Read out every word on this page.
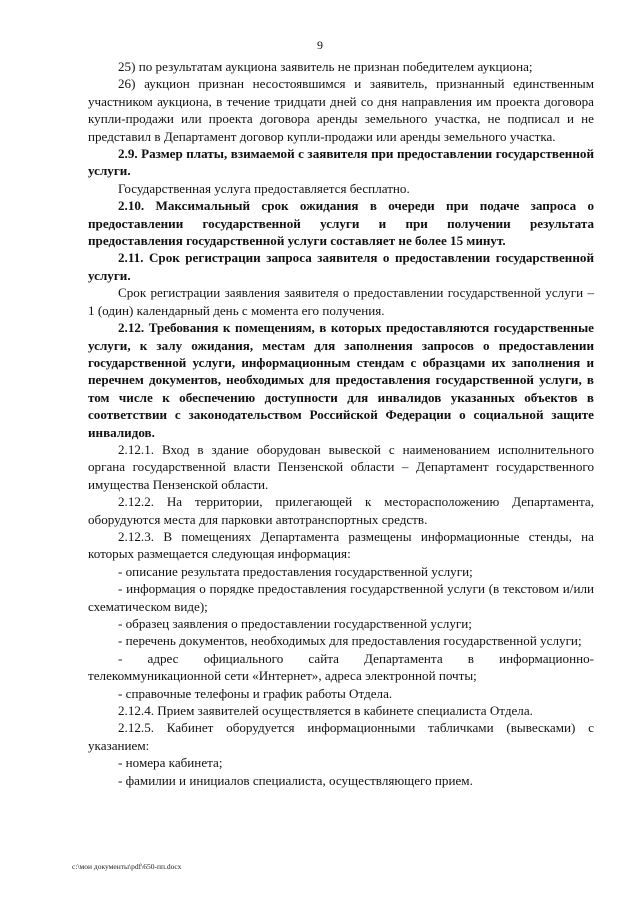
9

25) по результатам аукциона заявитель не признан победителем аукциона;

26) аукцион признан несостоявшимся и заявитель, признанный единственным участником аукциона, в течение тридцати дней со дня направления им проекта договора купли-продажи или проекта договора аренды земельного участка, не подписал и не представил в Департамент договор купли-продажи или аренды земельного участка.

2.9. Размер платы, взимаемой с заявителя при предоставлении государственной услуги.

Государственная услуга предоставляется бесплатно.

2.10. Максимальный срок ожидания в очереди при подаче запроса о предоставлении государственной услуги и при получении результата предоставления государственной услуги составляет не более 15 минут.

2.11. Срок регистрации запроса заявителя о предоставлении государственной услуги.

Срок регистрации заявления заявителя о предоставлении государственной услуги – 1 (один) календарный день с момента его получения.

2.12. Требования к помещениям, в которых предоставляются государственные услуги, к залу ожидания, местам для заполнения запросов о предоставлении государственной услуги, информационным стендам с образцами их заполнения и перечнем документов, необходимых для предоставления государственной услуги, в том числе к обеспечению доступности для инвалидов указанных объектов в соответствии с законодательством Российской Федерации о социальной защите инвалидов.

2.12.1. Вход в здание оборудован вывеской с наименованием исполнительного органа государственной власти Пензенской области – Департамент государственного имущества Пензенской области.

2.12.2. На территории, прилегающей к месторасположению Департамента, оборудуются места для парковки автотранспортных средств.

2.12.3. В помещениях Департамента размещены информационные стенды, на которых размещается следующая информация:

- описание результата предоставления государственной услуги;

- информация о порядке предоставления государственной услуги (в текстовом и/или схематическом виде);

- образец заявления о предоставлении государственной услуги;

- перечень документов, необходимых для предоставления государственной услуги;

- адрес официального сайта Департамента в информационно-телекоммуникационной сети «Интернет», адреса электронной почты;

- справочные телефоны и график работы Отдела.

2.12.4. Прием заявителей осуществляется в кабинете специалиста Отдела.

2.12.5. Кабинет оборудуется информационными табличками (вывесками) с указанием:

- номера кабинета;

- фамилии и инициалов специалиста, осуществляющего прием.

c:\мои документы\pdf\650-пп.docx
